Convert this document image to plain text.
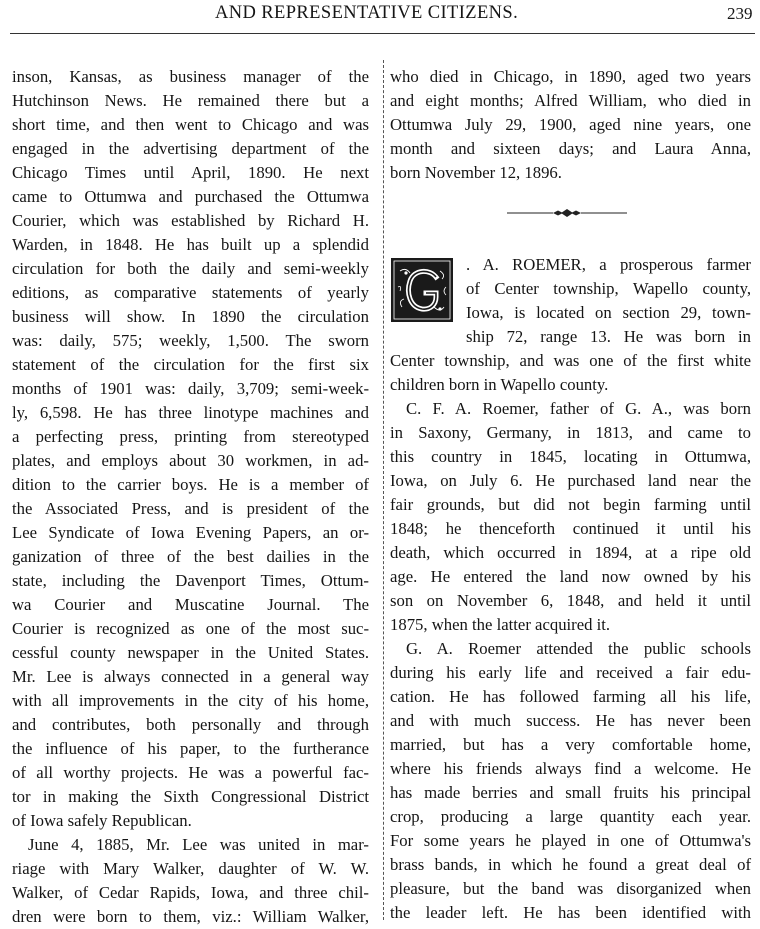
AND REPRESENTATIVE CITIZENS.	239
inson, Kansas, as business manager of the
Hutchinson News. He remained there but a
short time, and then went to Chicago and was
engaged in the advertising department of the
Chicago Times until April, 1890. He next
came to Ottumwa and purchased the Ottumwa
Courier, which was established by Richard H.
Warden, in 1848. He has built up a splendid
circulation for both the daily and semi-weekly
editions, as comparative statements of yearly
business will show. In 1890 the circulation
was: daily, 575; weekly, 1,500. The sworn
statement of the circulation for the first six
months of 1901 was: daily, 3,709; semi-week-
ly, 6,598. He has three linotype machines and
a perfecting press, printing from stereotyped
plates, and employs about 30 workmen, in ad-
dition to the carrier boys. He is a member of
the Associated Press, and is president of the
Lee Syndicate of Iowa Evening Papers, an or-
ganization of three of the best dailies in the
state, including the Davenport Times, Ottum-
wa Courier and Muscatine Journal. The
Courier is recognized as one of the most suc-
cessful county newspaper in the United States.
Mr. Lee is always connected in a general way
with all improvements in the city of his home,
and contributes, both personally and through
the influence of his paper, to the furtherance
of all worthy projects. He was a powerful fac-
tor in making the Sixth Congressional District
of Iowa safely Republican.
June 4, 1885, Mr. Lee was united in mar-
riage with Mary Walker, daughter of W. W.
Walker, of Cedar Rapids, Iowa, and three chil-
dren were born to them, viz.: William Walker,
who died in Chicago, in 1890, aged two years
and eight months; Alfred William, who died in
Ottumwa July 29, 1900, aged nine years, one
month and sixteen days; and Laura Anna,
born November 12, 1896.
. A. ROEMER, a prosperous farmer
of Center township, Wapello county,
Iowa, is located on section 29, town-
ship 72, range 13. He was born in
Center township, and was one of the first white
children born in Wapello county.
C. F. A. Roemer, father of G. A., was born
in Saxony, Germany, in 1813, and came to
this country in 1845, locating in Ottumwa,
Iowa, on July 6. He purchased land near the
fair grounds, but did not begin farming until
1848; he thenceforth continued it until his
death, which occurred in 1894, at a ripe old
age. He entered the land now owned by his
son on November 6, 1848, and held it until
1875, when the latter acquired it.
G. A. Roemer attended the public schools
during his early life and received a fair edu-
cation. He has followed farming all his life,
and with much success. He has never been
married, but has a very comfortable home,
where his friends always find a welcome. He
has made berries and small fruits his principal
crop, producing a large quantity each year.
For some years he played in one of Ottumwa's
brass bands, in which he found a great deal of
pleasure, but the band was disorganized when
the leader left. He has been identified with
